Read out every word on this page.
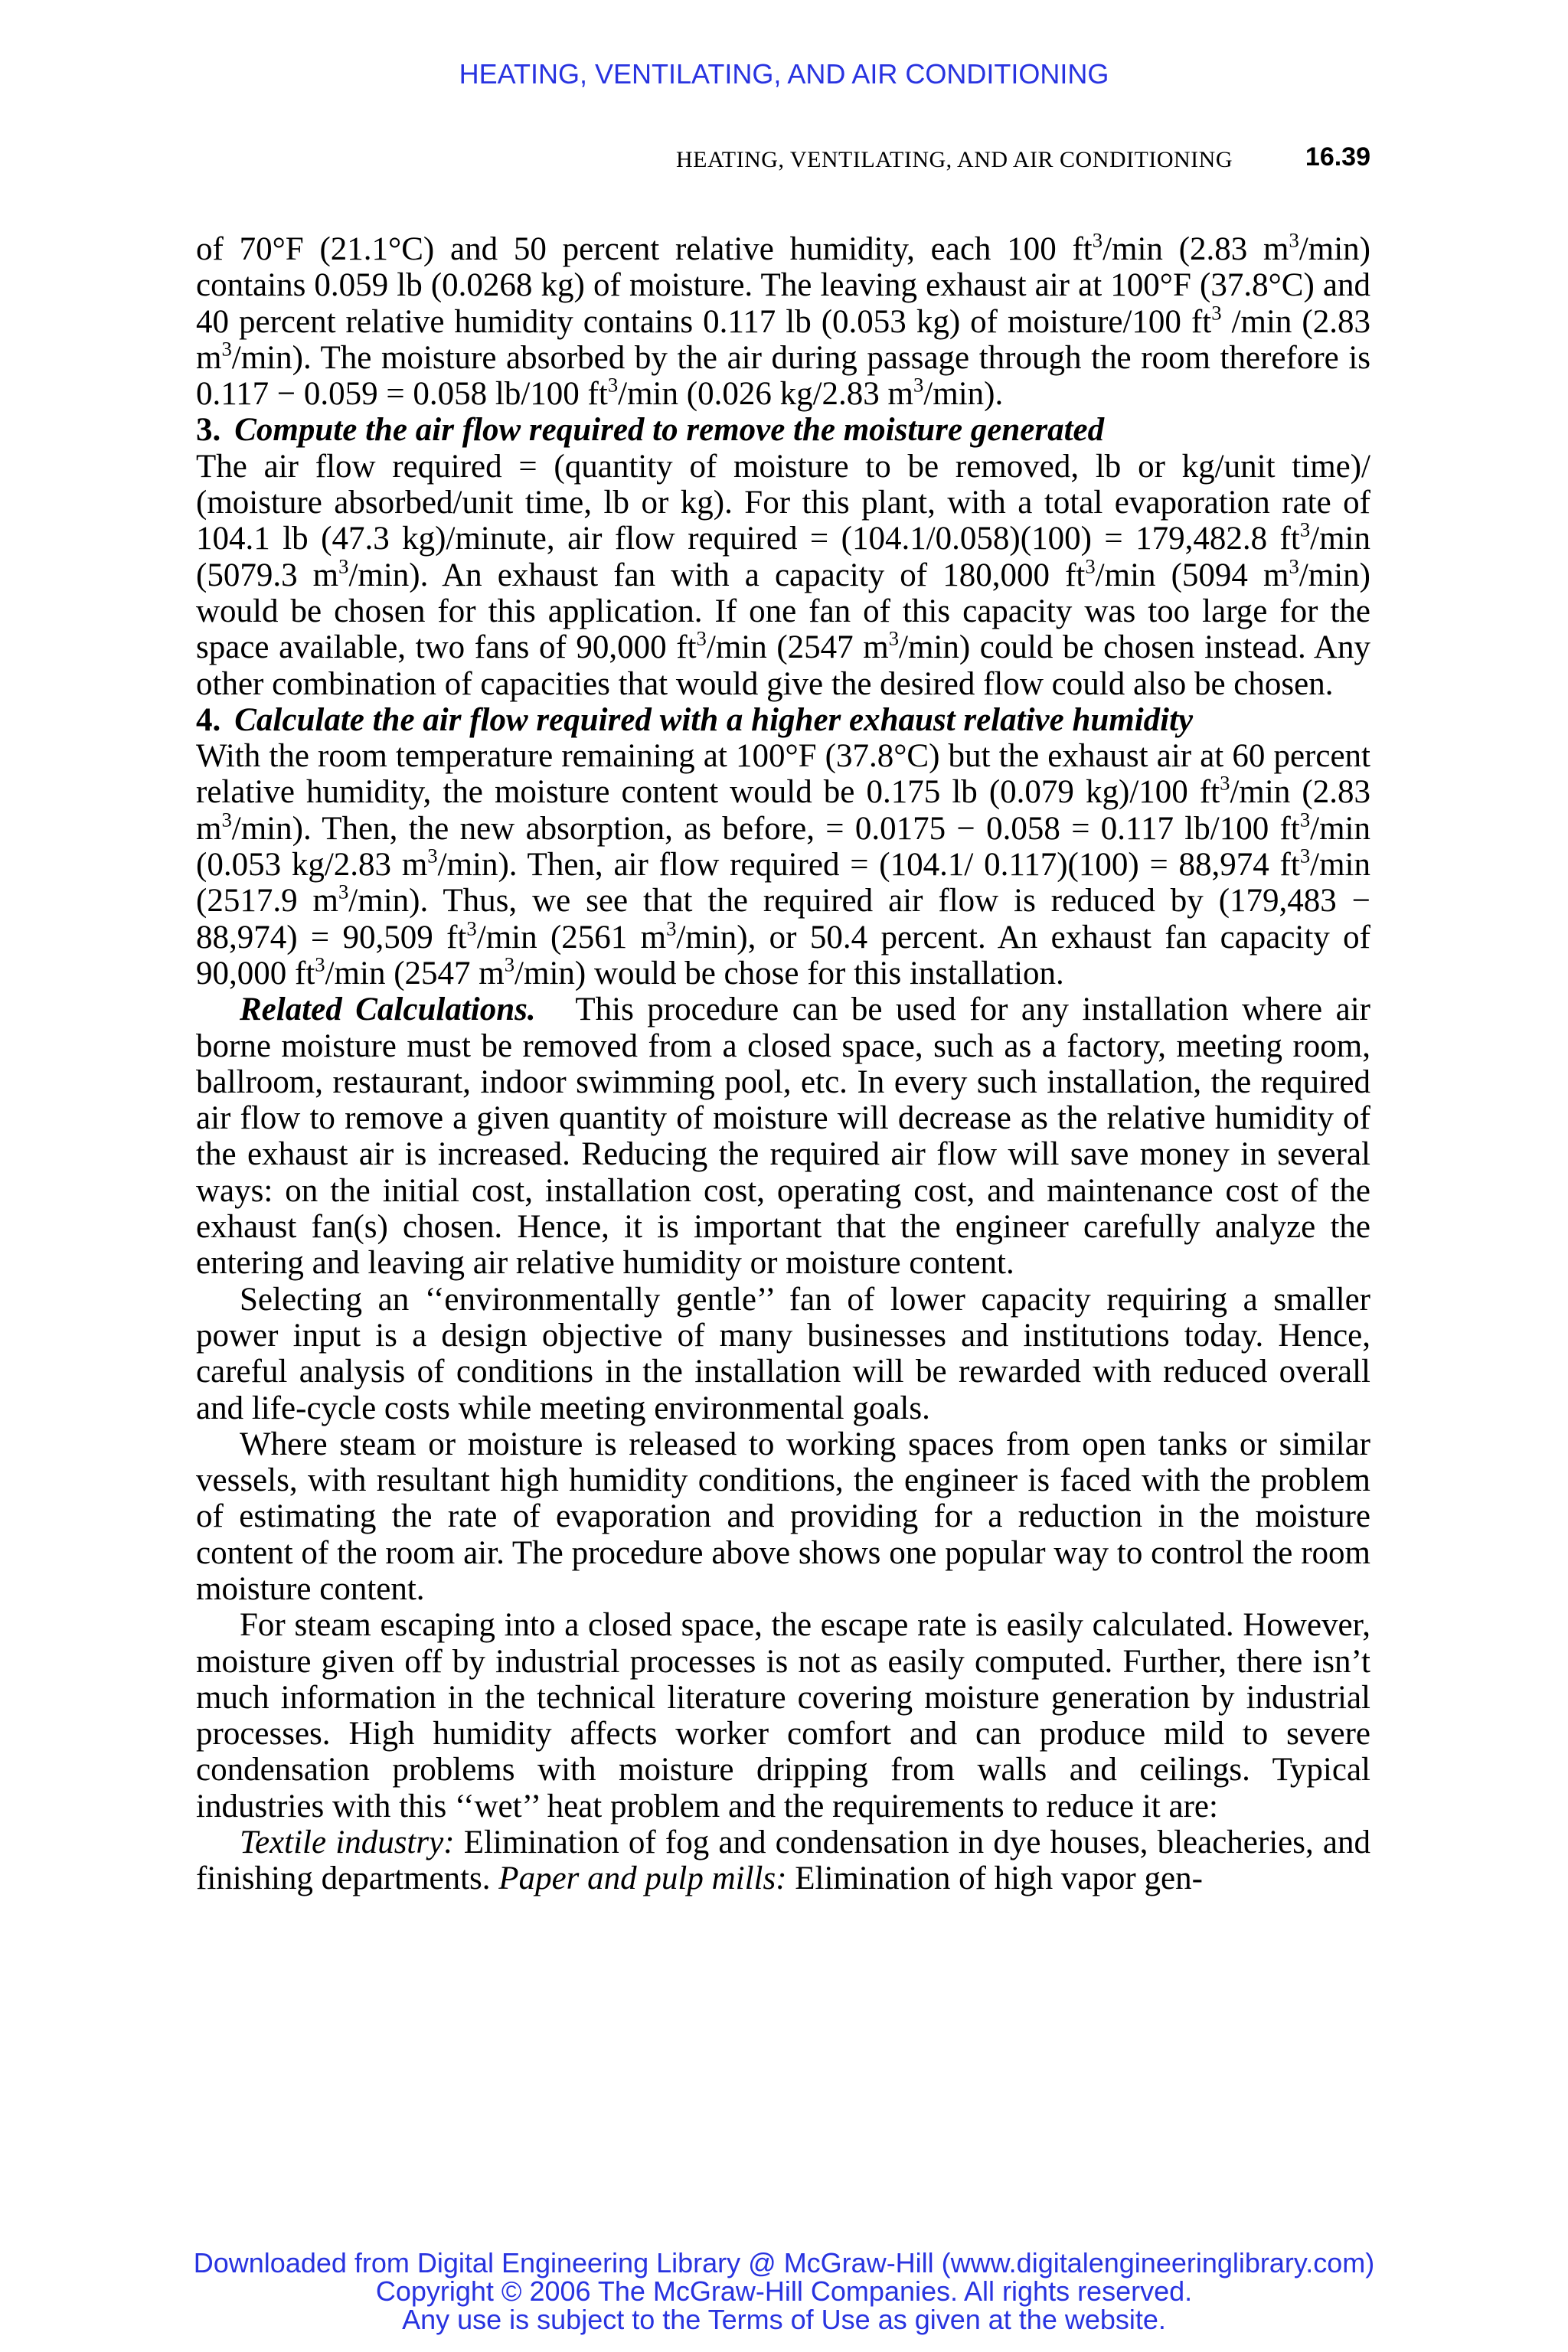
HEATING, VENTILATING, AND AIR CONDITIONING
HEATING, VENTILATING, AND AIR CONDITIONING	16.39

of 70°F (21.1°C) and 50 percent relative humidity, each 100 $ft^3/\min$ (2.83 $m^3/\min$) contains 0.059 lb (0.0268 kg) of moisture. The leaving exhaust air at 100°F (37.8°C) and 40 percent relative humidity contains 0.117 lb (0.053 kg) of moisture/100 $ft^3$ /min (2.83 $m^3/\min$). The moisture absorbed by the air during passage through the room therefore is 0.117 − 0.059 = 0.058 lb/100 $ft^3/\min$ (0.026 kg/2.83 $m^3/\min$).

3. Compute the air flow required to remove the moisture generated

The air flow required = (quantity of moisture to be removed, lb or kg/unit time)/ (moisture absorbed/unit time, lb or kg). For this plant, with a total evaporation rate of 104.1 lb (47.3 kg)/minute, air flow required = (104.1/0.058)(100) = 179,482.8 $ft^3/\min$ (5079.3 $m^3/\min$). An exhaust fan with a capacity of 180,000 $ft^3/\min$ (5094 $m^3/\min$) would be chosen for this application. If one fan of this capacity was too large for the space available, two fans of 90,000 $ft^3/\min$ (2547 $m^3/\min$) could be chosen instead. Any other combination of capacities that would give the desired flow could also be chosen.

4. Calculate the air flow required with a higher exhaust relative humidity

With the room temperature remaining at 100°F (37.8°C) but the exhaust air at 60 percent relative humidity, the moisture content would be 0.175 lb (0.079 kg)/100 $ft^3/\min$ (2.83 $m^3/\min$). Then, the new absorption, as before, = 0.0175 − 0.058 = 0.117 lb/100 $ft^3/\min$ (0.053 kg/2.83 $m^3/\min$). Then, air flow required = (104.1/ 0.117)(100) = 88,974 $ft^3/\min$ (2517.9 $m^3/\min$). Thus, we see that the required air flow is reduced by (179,483 − 88,974) = 90,509 $ft^3/\min$ (2561 $m^3/\min$), or 50.4 percent. An exhaust fan capacity of 90,000 $ft^3/\min$ (2547 $m^3/\min$) would be chose for this installation.

Related Calculations. This procedure can be used for any installation where air borne moisture must be removed from a closed space, such as a factory, meeting room, ballroom, restaurant, indoor swimming pool, etc. In every such installation, the required air flow to remove a given quantity of moisture will decrease as the relative humidity of the exhaust air is increased. Reducing the required air flow will save money in several ways: on the initial cost, installation cost, operating cost, and maintenance cost of the exhaust fan(s) chosen. Hence, it is important that the engineer carefully analyze the entering and leaving air relative humidity or moisture content.

Selecting an ‘‘environmentally gentle’’ fan of lower capacity requiring a smaller power input is a design objective of many businesses and institutions today. Hence, careful analysis of conditions in the installation will be rewarded with reduced overall and life-cycle costs while meeting environmental goals.

Where steam or moisture is released to working spaces from open tanks or similar vessels, with resultant high humidity conditions, the engineer is faced with the problem of estimating the rate of evaporation and providing for a reduction in the moisture content of the room air. The procedure above shows one popular way to control the room moisture content.

For steam escaping into a closed space, the escape rate is easily calculated. However, moisture given off by industrial processes is not as easily computed. Further, there isn’t much information in the technical literature covering moisture generation by industrial processes. High humidity affects worker comfort and can produce mild to severe condensation problems with moisture dripping from walls and ceilings. Typical industries with this ‘‘wet’’ heat problem and the requirements to reduce it are:

Textile industry: Elimination of fog and condensation in dye houses, bleacheries, and finishing departments. Paper and pulp mills: Elimination of high vapor gen-

Downloaded from Digital Engineering Library @ McGraw-Hill (www.digitalengineeringlibrary.com)
Copyright © 2006 The McGraw-Hill Companies. All rights reserved.
Any use is subject to the Terms of Use as given at the website.
